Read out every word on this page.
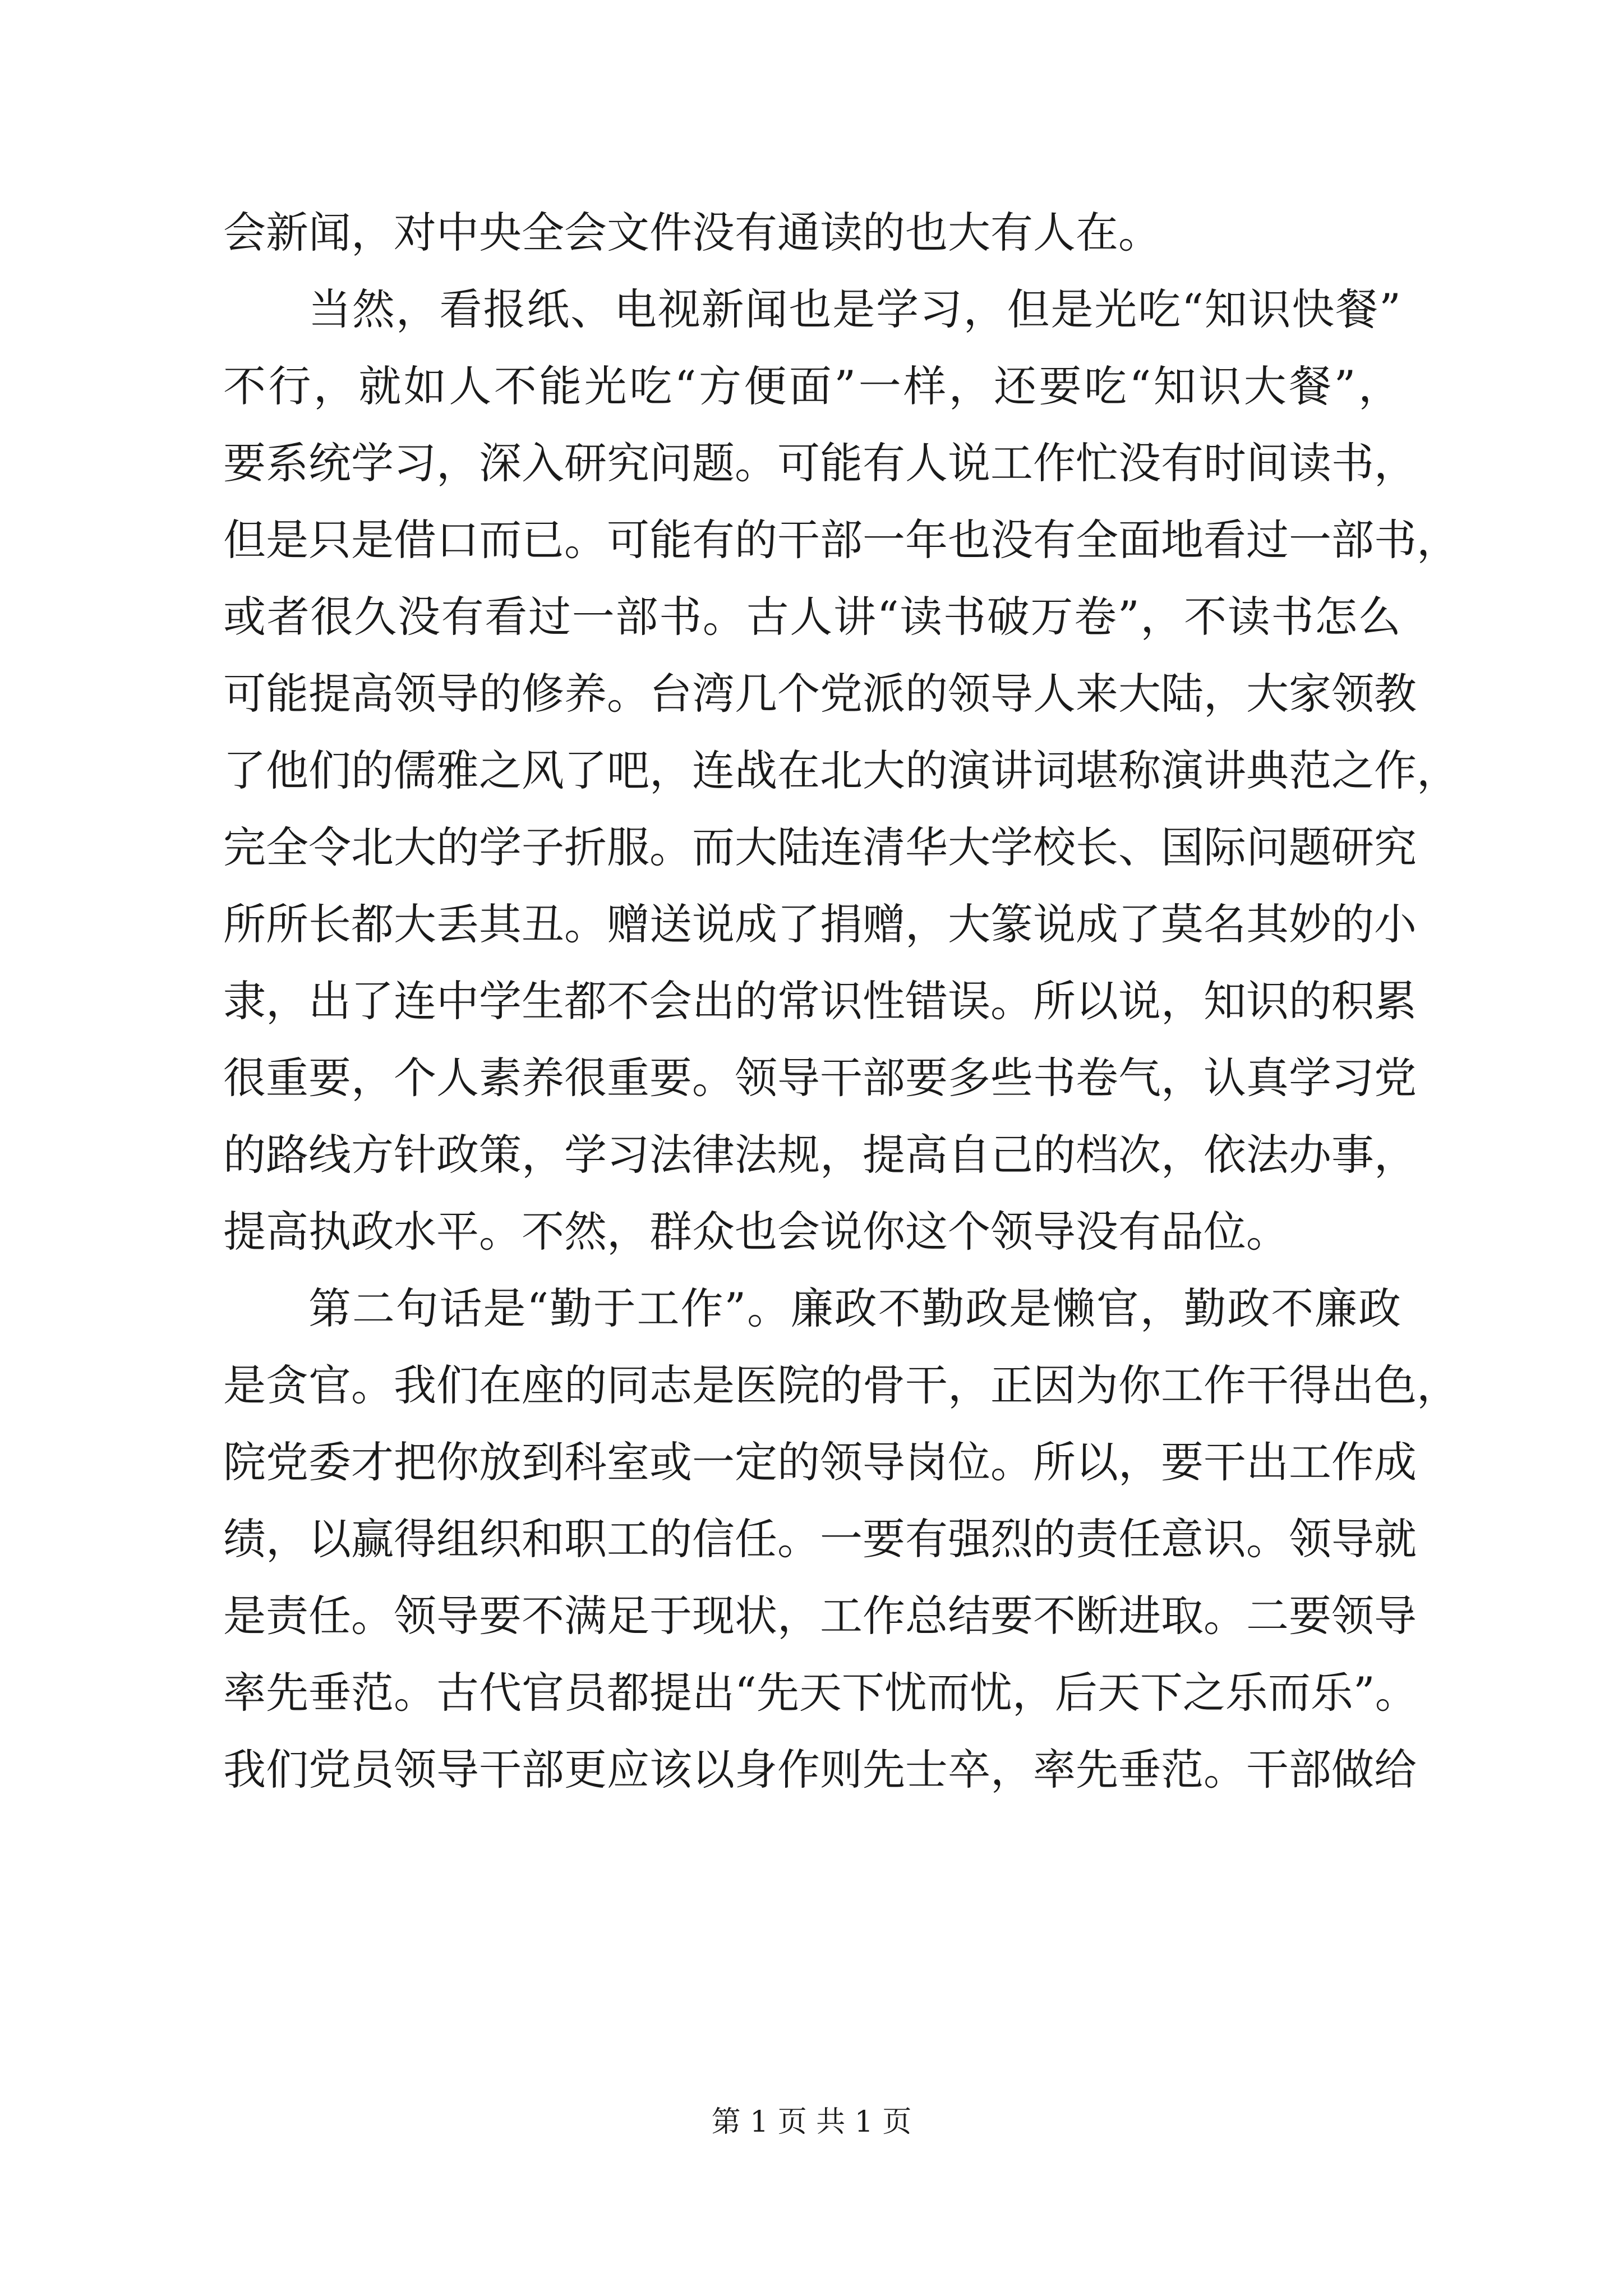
会新闻，对中央全会文件没有通读的也大有人在。
当然，看报纸、电视新闻也是学习，但是光吃“知识快餐”
不行，就如人不能光吃“方便面”一样，还要吃“知识大餐”，
要系统学习，深入研究问题。可能有人说工作忙没有时间读书，
但是只是借口而已。可能有的干部一年也没有全面地看过一部书，
或者很久没有看过一部书。古人讲“读书破万卷”，不读书怎么
可能提高领导的修养。台湾几个党派的领导人来大陆，大家领教
了他们的儒雅之风了吧，连战在北大的演讲词堪称演讲典范之作，
完全令北大的学子折服。而大陆连清华大学校长、国际问题研究
所所长都大丢其丑。赠送说成了捐赠，大篆说成了莫名其妙的小
隶，出了连中学生都不会出的常识性错误。所以说，知识的积累
很重要，个人素养很重要。领导干部要多些书卷气，认真学习党
的路线方针政策，学习法律法规，提高自己的档次，依法办事，
提高执政水平。不然，群众也会说你这个领导没有品位。
第二句话是“勤于工作”。廉政不勤政是懒官，勤政不廉政
是贪官。我们在座的同志是医院的骨干，正因为你工作干得出色，
院党委才把你放到科室或一定的领导岗位。所以，要干出工作成
绩，以赢得组织和职工的信任。一要有强烈的责任意识。领导就
是责任。领导要不满足于现状，工作总结要不断进取。二要领导
率先垂范。古代官员都提出“先天下忧而忧，后天下之乐而乐”。
我们党员领导干部更应该以身作则先士卒，率先垂范。干部做给
第 1 页 共 1 页
